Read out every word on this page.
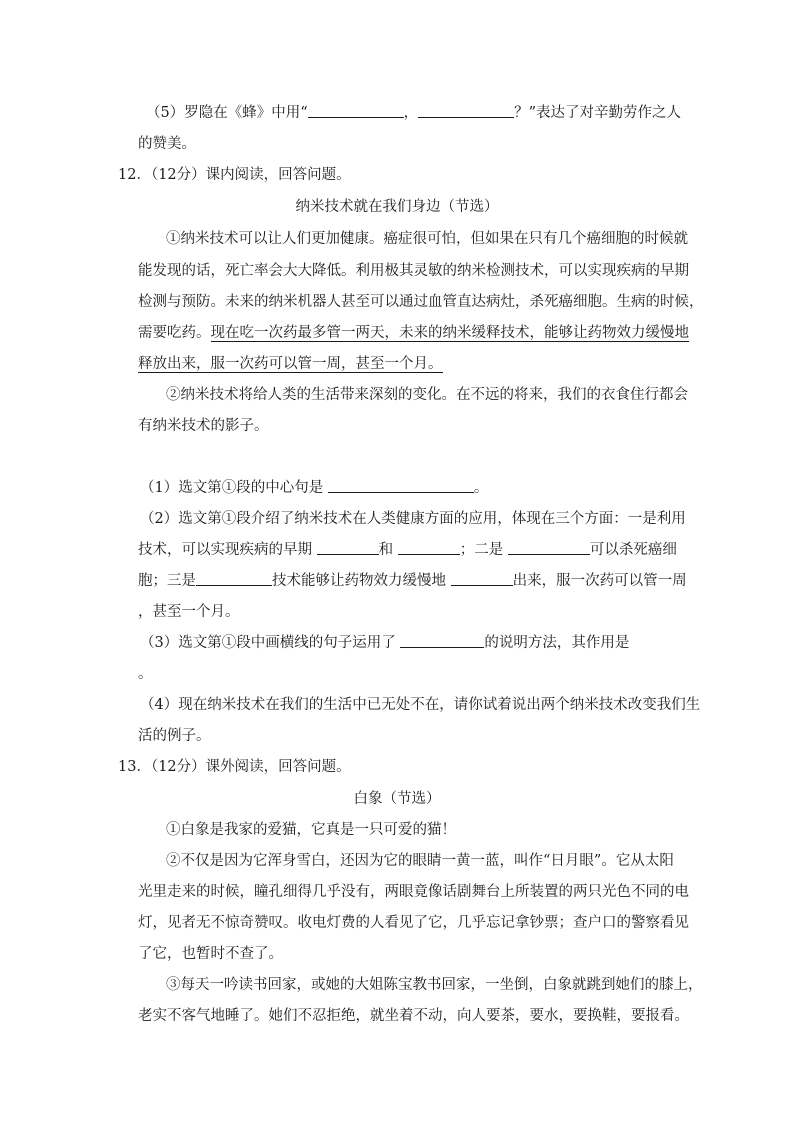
（5）罗隐在《蜂》中用“	，	？”表达了对辛勤劳作之人
的赞美。
12．（12分）课内阅读，回答问题。
纳米技术就在我们身边（节选）
①纳米技术可以让人们更加健康。癌症很可怕，但如果在只有几个癌细胞的时候就
能发现的话，死亡率会大大降低。利用极其灵敏的纳米检测技术，可以实现疾病的早期
检测与预防。未来的纳米机器人甚至可以通过血管直达病灶，杀死癌细胞。生病的时候，
需要吃药。现在吃一次药最多管一两天，未来的纳米缓释技术，能够让药物效力缓慢地
释放出来，服一次药可以管一周，甚至一个月。
②纳米技术将给人类的生活带来深刻的变化。在不远的将来，我们的衣食住行都会
有纳米技术的影子。
（1）选文第①段的中心句是	。
（2）选文第①段介绍了纳米技术在人类健康方面的应用，体现在三个方面：一是利用
技术，可以实现疾病的早期	和	；二是	可以杀死癌细
胞；三是	技术能够让药物效力缓慢地	出来，服一次药可以管一周
，甚至一个月。
（3）选文第①段中画横线的句子运用了	的说明方法，其作用是
。
（4）现在纳米技术在我们的生活中已无处不在，请你试着说出两个纳米技术改变我们生
活的例子。
13．（12分）课外阅读，回答问题。
白象（节选）
①白象是我家的爱猫，它真是一只可爱的猫！
②不仅是因为它浑身雪白，还因为它的眼睛一黄一蓝，叫作“日月眼”。它从太阳
光里走来的时候，瞳孔细得几乎没有，两眼竟像话剧舞台上所装置的两只光色不同的电
灯，见者无不惊奇赞叹。收电灯费的人看见了它，几乎忘记拿钞票；查户口的警察看见
了它，也暂时不查了。
③每天一吟读书回家，或她的大姐陈宝教书回家，一坐倒，白象就跳到她们的膝上，
老实不客气地睡了。她们不忍拒绝，就坐着不动，向人要茶，要水，要换鞋，要报看。
